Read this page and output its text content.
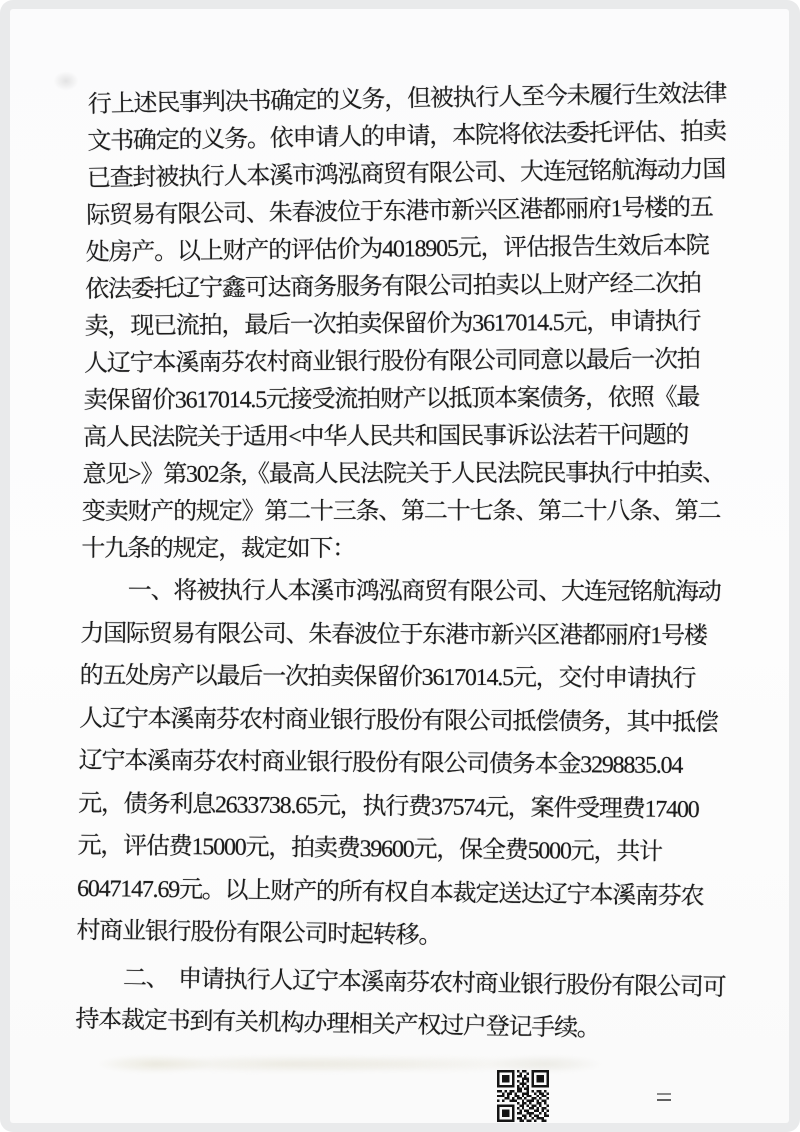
行上述民事判决书确定的义务，但被执行人至今未履行生效法律
文书确定的义务。依申请人的申请，本院将依法委托评估、拍卖
已查封被执行人本溪市鸿泓商贸有限公司、大连冠铭航海动力国
际贸易有限公司、朱春波位于东港市新兴区港都丽府1号楼的五
处房产。以上财产的评估价为4018905元，评估报告生效后本院
依法委托辽宁鑫可达商务服务有限公司拍卖以上财产经二次拍
卖，现已流拍，最后一次拍卖保留价为3617014.5元，申请执行
人辽宁本溪南芬农村商业银行股份有限公司同意以最后一次拍
卖保留价3617014.5元接受流拍财产以抵顶本案债务，依照《最
高人民法院关于适用<中华人民共和国民事诉讼法若干问题的
意见>》第302条,《最高人民法院关于人民法院民事执行中拍卖、
变卖财产的规定》第二十三条、第二十七条、第二十八条、第二
十九条的规定，裁定如下：
一、将被执行人本溪市鸿泓商贸有限公司、大连冠铭航海动
力国际贸易有限公司、朱春波位于东港市新兴区港都丽府1号楼
的五处房产以最后一次拍卖保留价3617014.5元，交付申请执行
人辽宁本溪南芬农村商业银行股份有限公司抵偿债务，其中抵偿
辽宁本溪南芬农村商业银行股份有限公司债务本金3298835.04
元，债务利息2633738.65元，执行费37574元，案件受理费17400
元，评估费15000元，拍卖费39600元，保全费5000元，共计
6047147.69元。以上财产的所有权自本裁定送达辽宁本溪南芬农
村商业银行股份有限公司时起转移。
二、  申请执行人辽宁本溪南芬农村商业银行股份有限公司可
持本裁定书到有关机构办理相关产权过户登记手续。
